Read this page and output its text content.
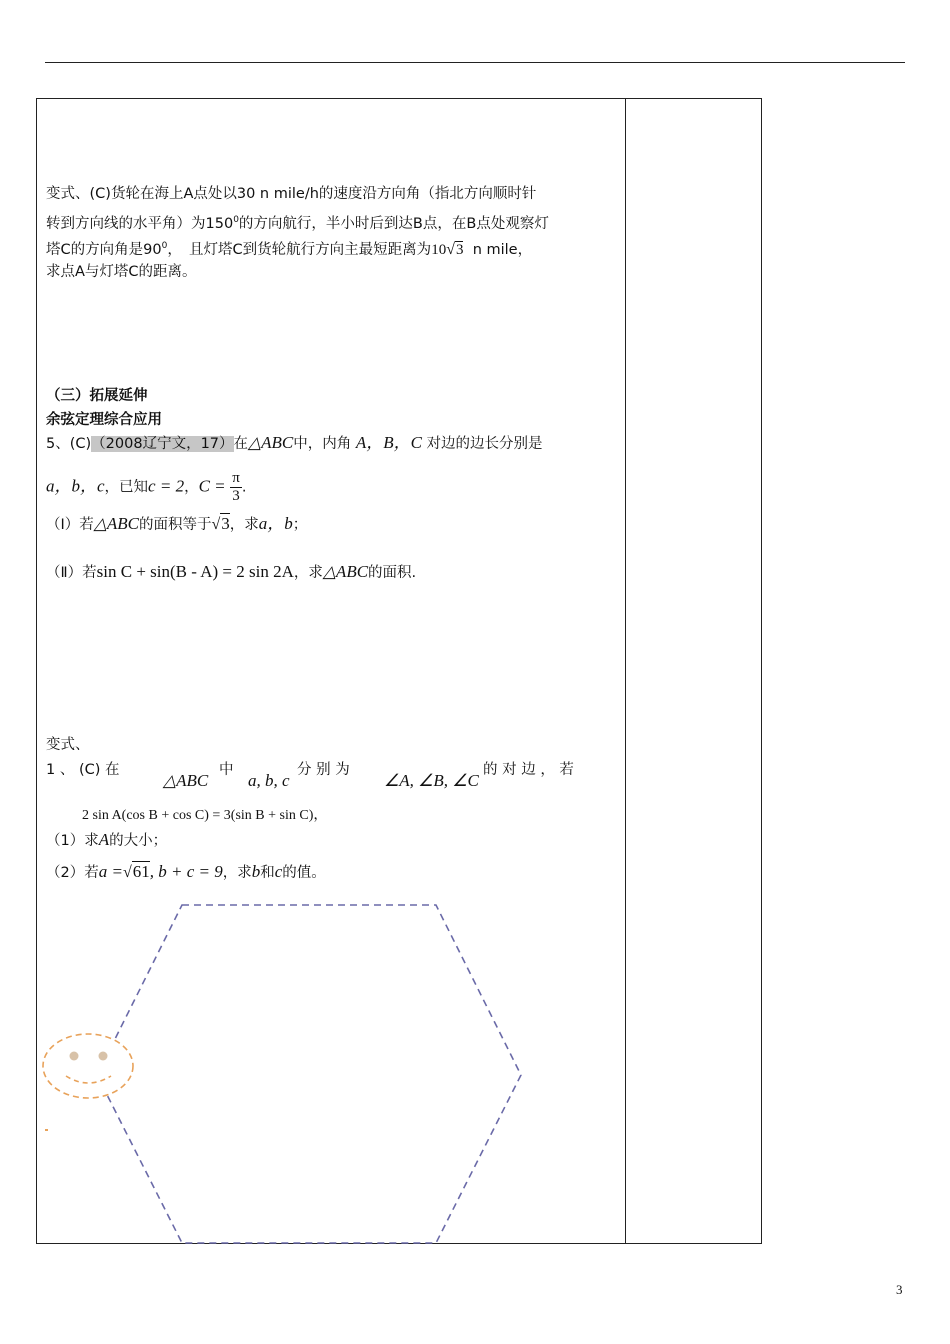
变式、(C)货轮在海上A点处以30 n mile/h的速度沿方向角（指北方向顺时针
转到方向线的水平角）为$150^0$的方向航行，半小时后到达B点，在B点处观察灯
塔C的方向角是$90^0$，　且灯塔C到货轮航行方向主最短距离为10√3 n mile，
求点A与灯塔C的距离。
（三）拓展延伸
余弦定理综合应用
5、(C)（2008辽宁文，17）在△ABC中，内角 A，B，C 对边的边长分别是
a，b，c，已知c = 2，$C = \frac{\pi}{3}$ .
（Ⅰ）若△ABC的面积等于√3，求a，b；
（Ⅱ）若sin C + sin(B - A) = 2 sin 2A，求△ABC的面积.
变式、
1 、 (C) 在
△ABC
中
a, b, c
分 别 为
∠A, ∠B, ∠C
的 对 边 ， 若
2 sin A(cos B + cos C) = 3(sin B + sin C)，
（1）求A的大小；
（2）若a =√61, b + c = 9，求b和c的值。
3
